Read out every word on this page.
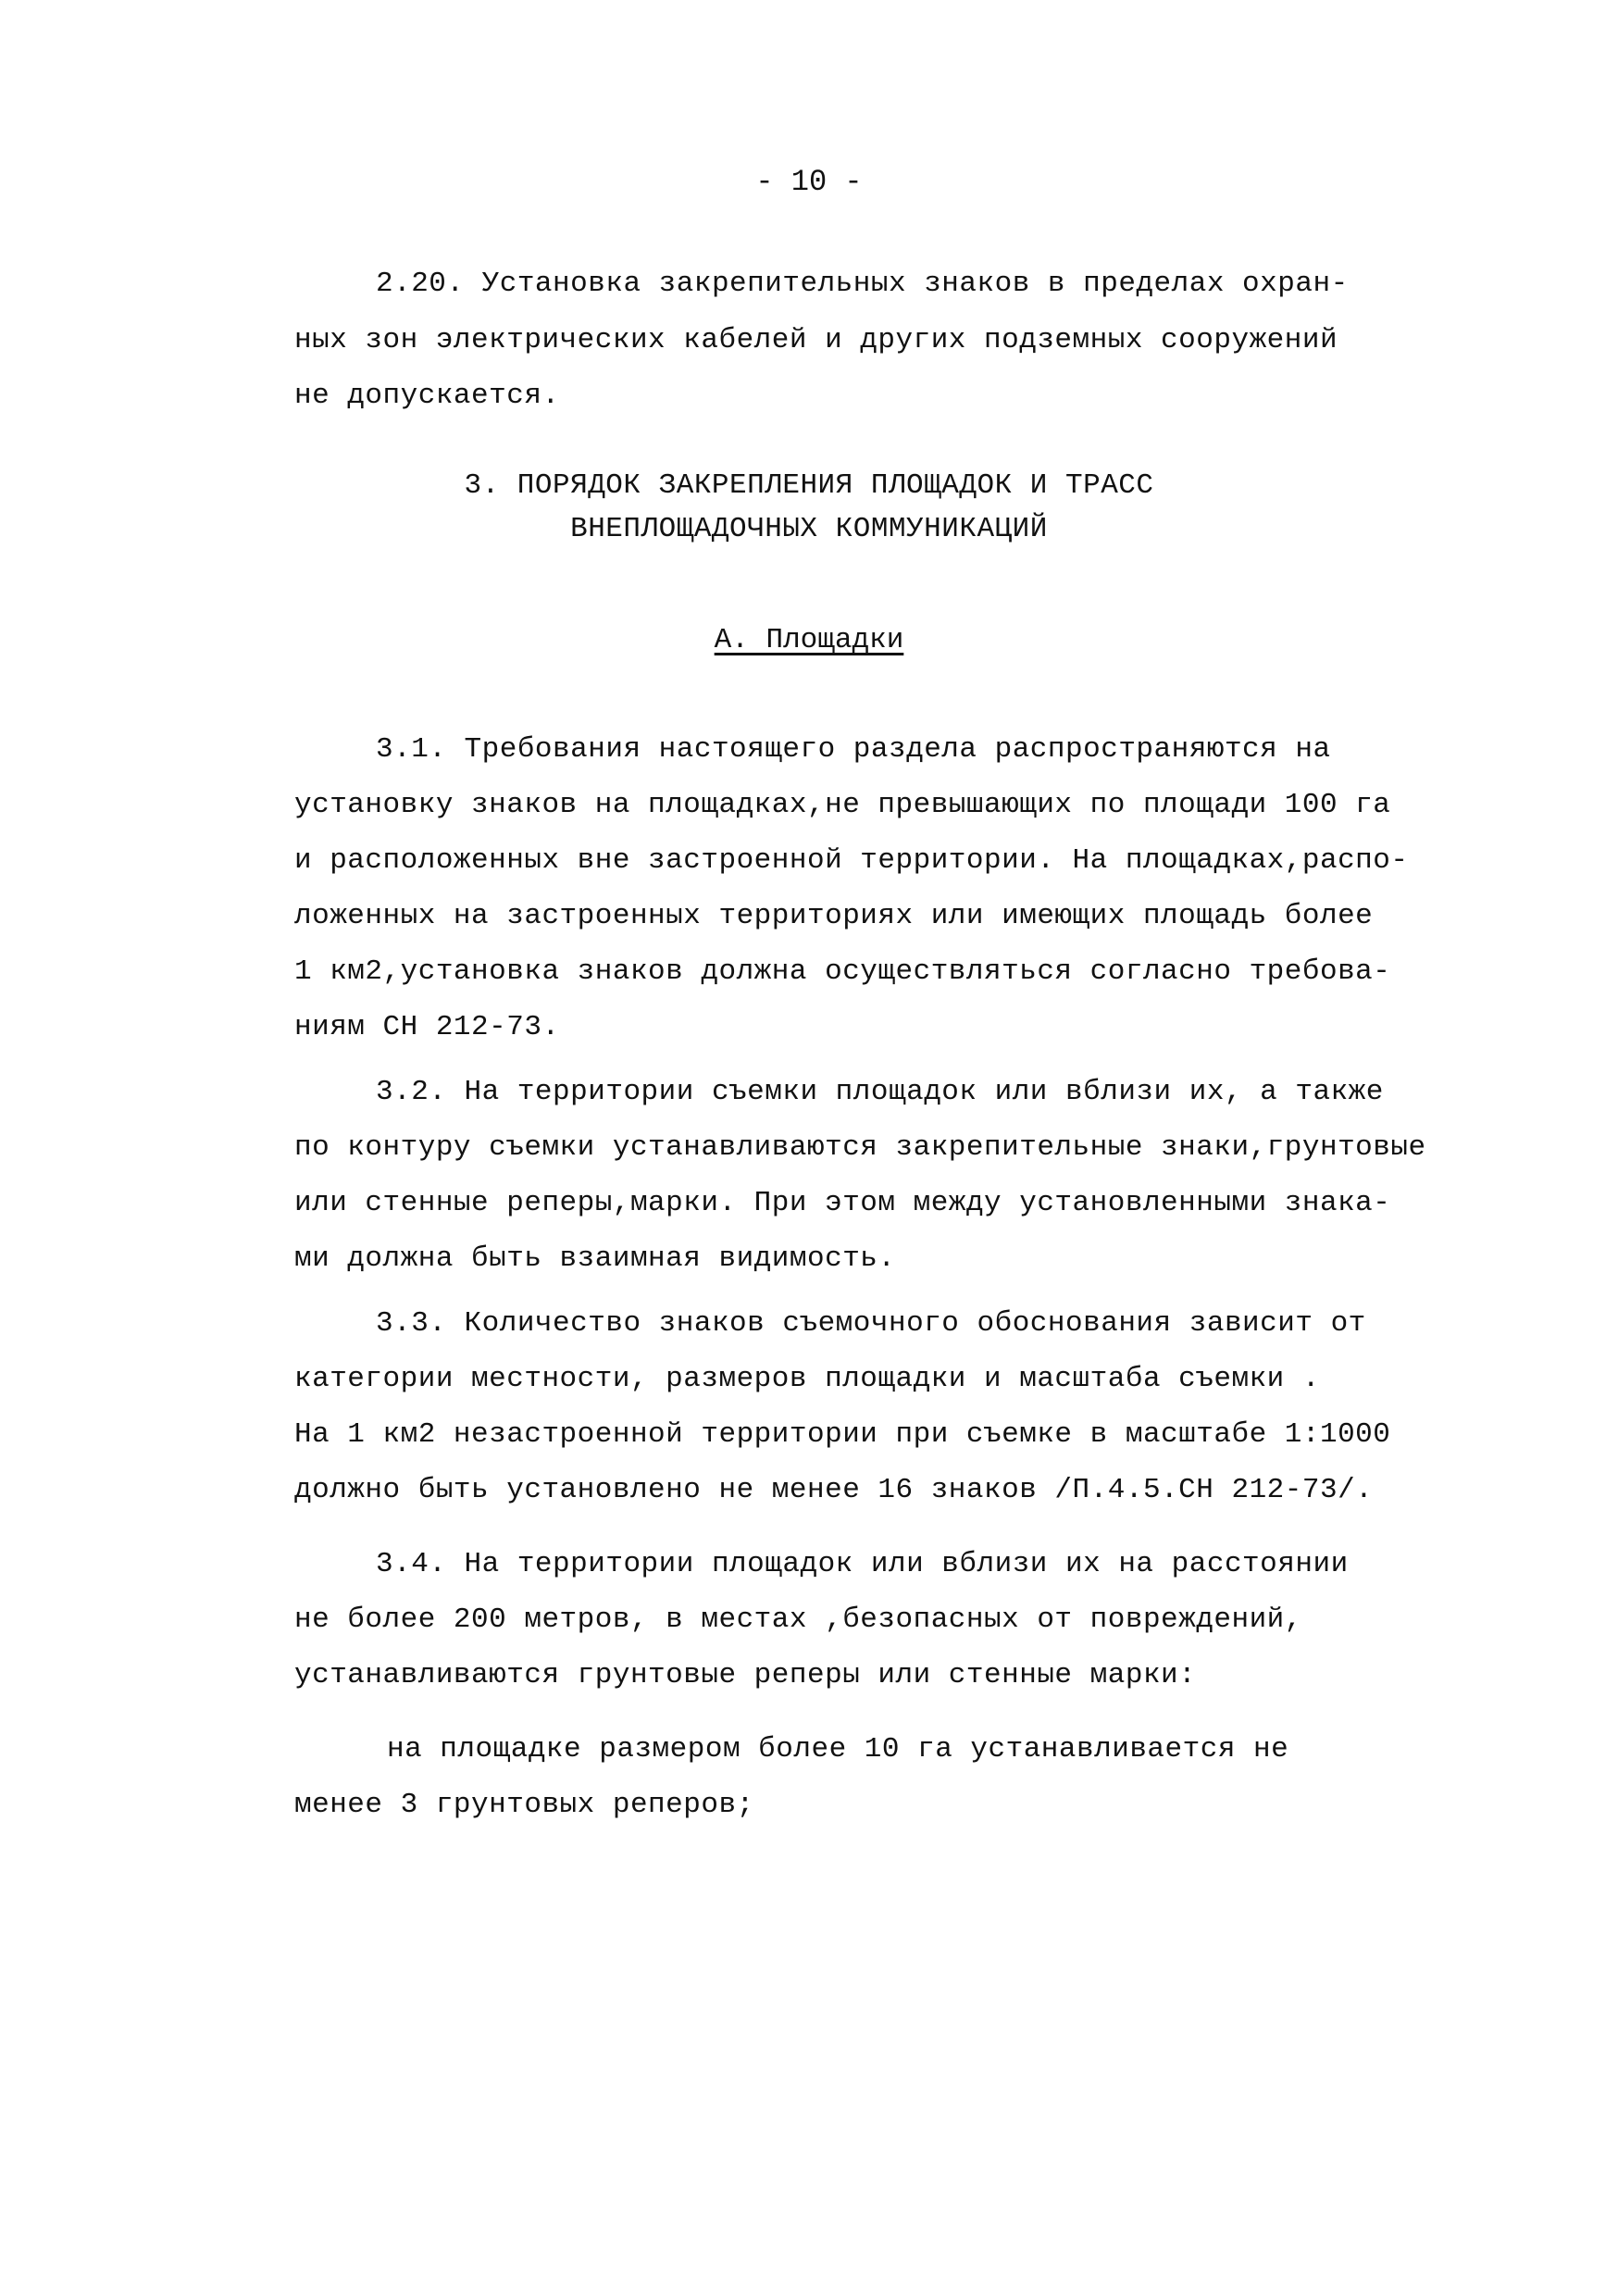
- 10 -
2.20. Установка закрепительных знаков в пределах охран-
ных зон электрических кабелей и других подземных сооружений
не допускается.
3. ПОРЯДОК ЗАКРЕПЛЕНИЯ ПЛОЩАДОК И ТРАСС
ВНЕПЛОЩАДОЧНЫХ КОММУНИКАЦИЙ
А. Площадки
3.1. Требования настоящего раздела распространяются на
установку знаков на площадках,не превышающих по площади 100 га
и расположенных вне застроенной территории. На площадках,распо-
ложенных на застроенных территориях или имеющих площадь более
1 км2,установка знаков должна осуществляться согласно требова-
ниям СН 212-73.
3.2. На территории съемки площадок или вблизи их, а также
по контуру съемки устанавливаются закрепительные знаки,грунтовые
или стенные реперы,марки. При этом между установленными знака-
ми должна быть взаимная видимость.
3.3. Количество знаков съемочного обоснования зависит от
категории местности, размеров площадки и масштаба съемки .
На 1 км2 незастроенной территории при съемке в масштабе 1:1000
должно быть установлено не менее 16 знаков /П.4.5.СН 212-73/.
3.4. На территории площадок или вблизи их на расстоянии
не более 200 метров, в местах ,безопасных от повреждений,
устанавливаются грунтовые реперы или стенные марки:
на площадке размером более 10 га устанавливается не
менее 3 грунтовых реперов;
